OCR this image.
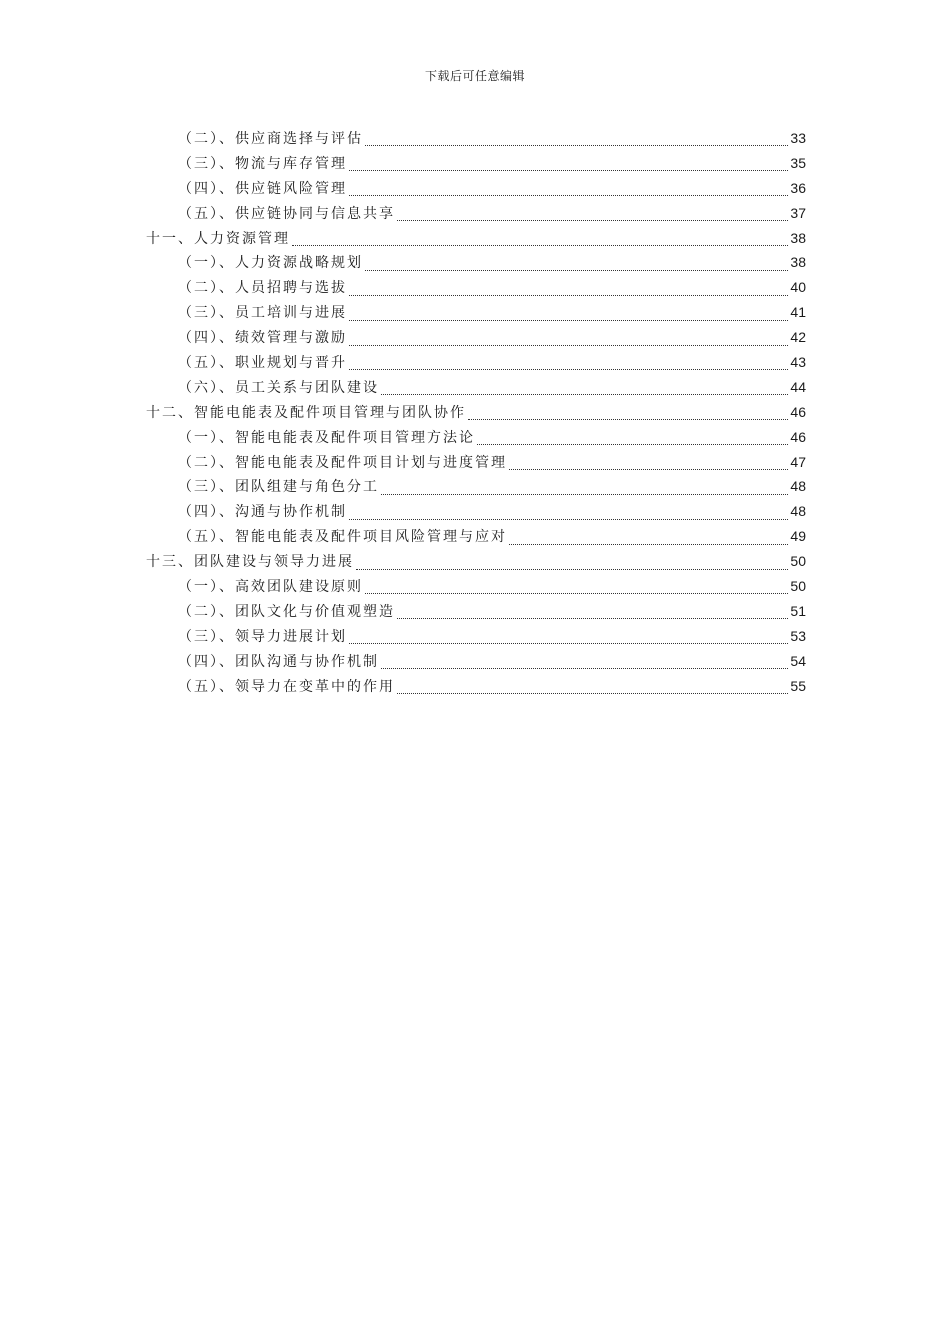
下载后可任意编辑
（二）、供应商选择与评估	33
（三）、物流与库存管理	35
（四）、供应链风险管理	36
（五）、供应链协同与信息共享	37
十一、人力资源管理	38
（一）、人力资源战略规划	38
（二）、人员招聘与选拔	40
（三）、员工培训与进展	41
（四）、绩效管理与激励	42
（五）、职业规划与晋升	43
（六）、员工关系与团队建设	44
十二、智能电能表及配件项目管理与团队协作	46
（一）、智能电能表及配件项目管理方法论	46
（二）、智能电能表及配件项目计划与进度管理	47
（三）、团队组建与角色分工	48
（四）、沟通与协作机制	48
（五）、智能电能表及配件项目风险管理与应对	49
十三、团队建设与领导力进展	50
（一）、高效团队建设原则	50
（二）、团队文化与价值观塑造	51
（三）、领导力进展计划	53
（四）、团队沟通与协作机制	54
（五）、领导力在变革中的作用	55
